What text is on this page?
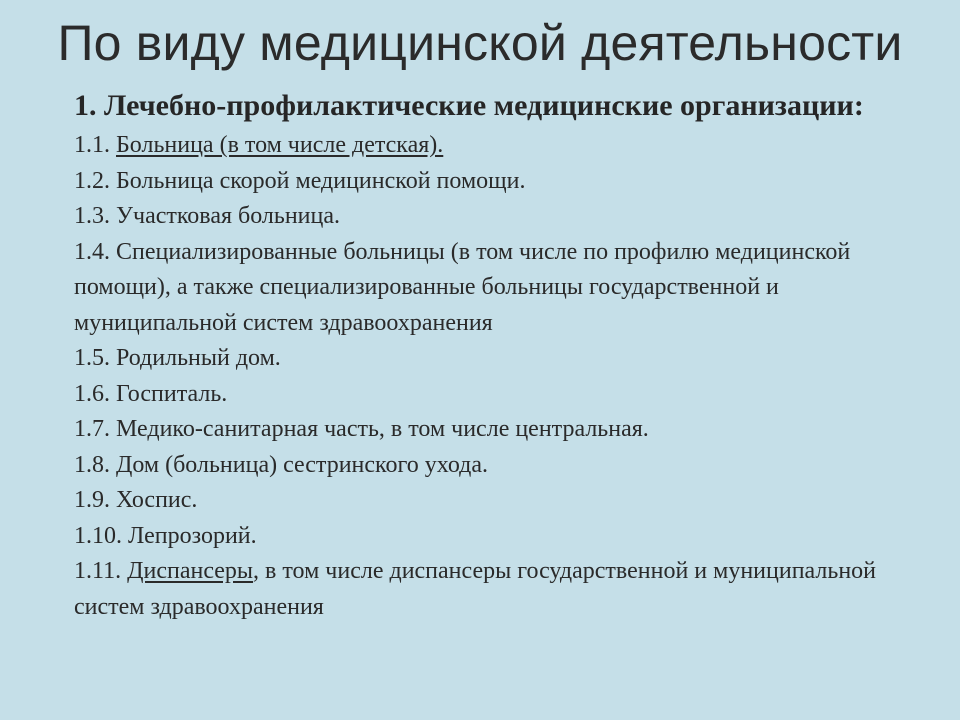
По виду медицинской деятельности

1. Лечебно-профилактические медицинские организации:

1.1. Больница (в том числе детская).
1.2. Больница скорой медицинской помощи.
1.3. Участковая больница.
1.4. Специализированные больницы (в том числе по профилю медицинской помощи), а также специализированные больницы государственной и муниципальной систем здравоохранения
1.5. Родильный дом.
1.6. Госпиталь.
1.7. Медико-санитарная часть, в том числе центральная.
1.8. Дом (больница) сестринского ухода.
1.9. Хоспис.
1.10. Лепрозорий.
1.11. Диспансеры, в том числе диспансеры государственной и муниципальной систем здравоохранения
